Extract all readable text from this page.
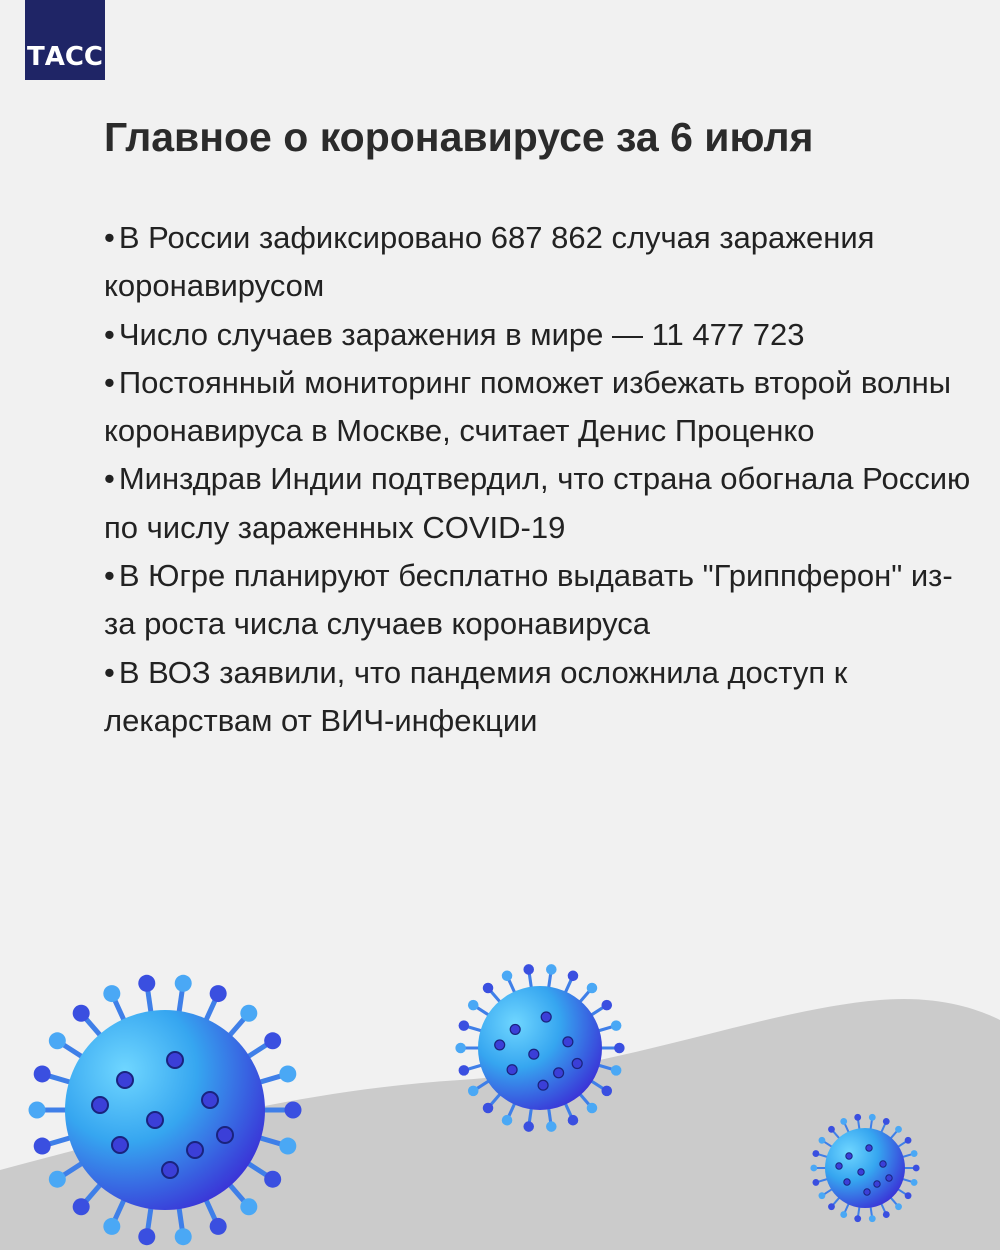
ТАСС
Главное о коронавирусе за 6 июля
• В России зафиксировано 687 862 случая заражения коронавирусом
• Число случаев заражения в мире — 11 477 723
• Постоянный мониторинг поможет избежать второй волны коронавируса в Москве, считает Денис Проценко
• Минздрав Индии подтвердил, что страна обогнала Россию по числу зараженных COVID-19
• В Югре планируют бесплатно выдавать "Гриппферон" из-за роста числа случаев коронавируса
• В ВОЗ заявили, что пандемия осложнила доступ к лекарствам от ВИЧ-инфекции
